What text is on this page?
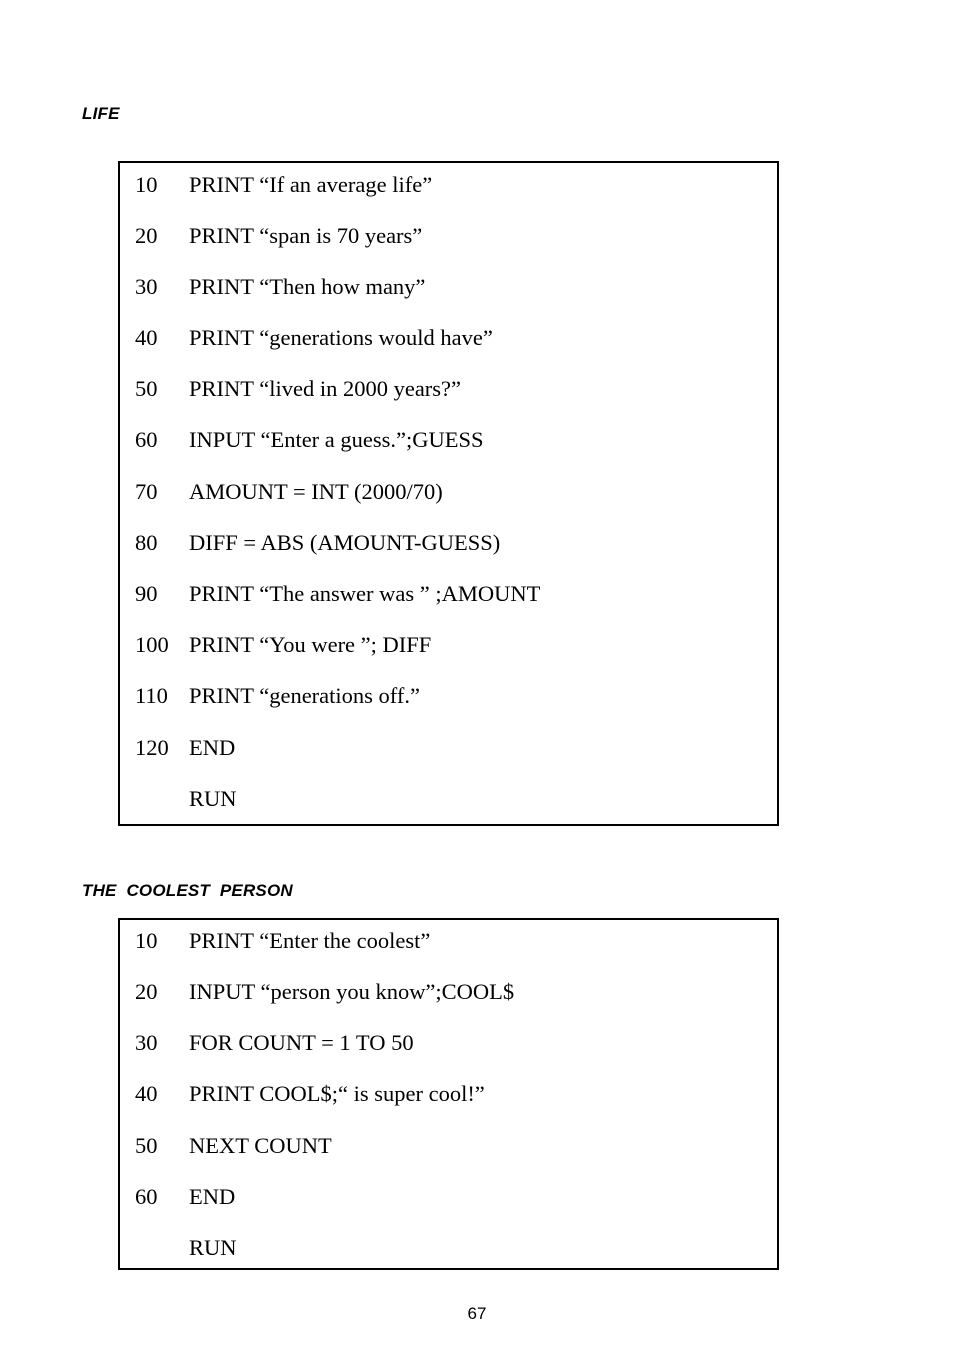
LIFE
10 PRINT “If an average life”
20 PRINT “span is 70 years”
30 PRINT “Then how many”
40 PRINT “generations would have”
50 PRINT “lived in 2000 years?”
60 INPUT “Enter a guess.”;GUESS
70 AMOUNT = INT (2000/70)
80 DIFF = ABS (AMOUNT-GUESS)
90 PRINT “The answer was ” ;AMOUNT
100 PRINT “You were ”; DIFF
110 PRINT “generations off.”
120 END
RUN
THE  COOLEST  PERSON
10 PRINT “Enter the coolest”
20 INPUT “person you know”;COOL$
30 FOR COUNT = 1 TO 50
40 PRINT COOL$;“ is super cool!”
50 NEXT COUNT
60 END
RUN
67
